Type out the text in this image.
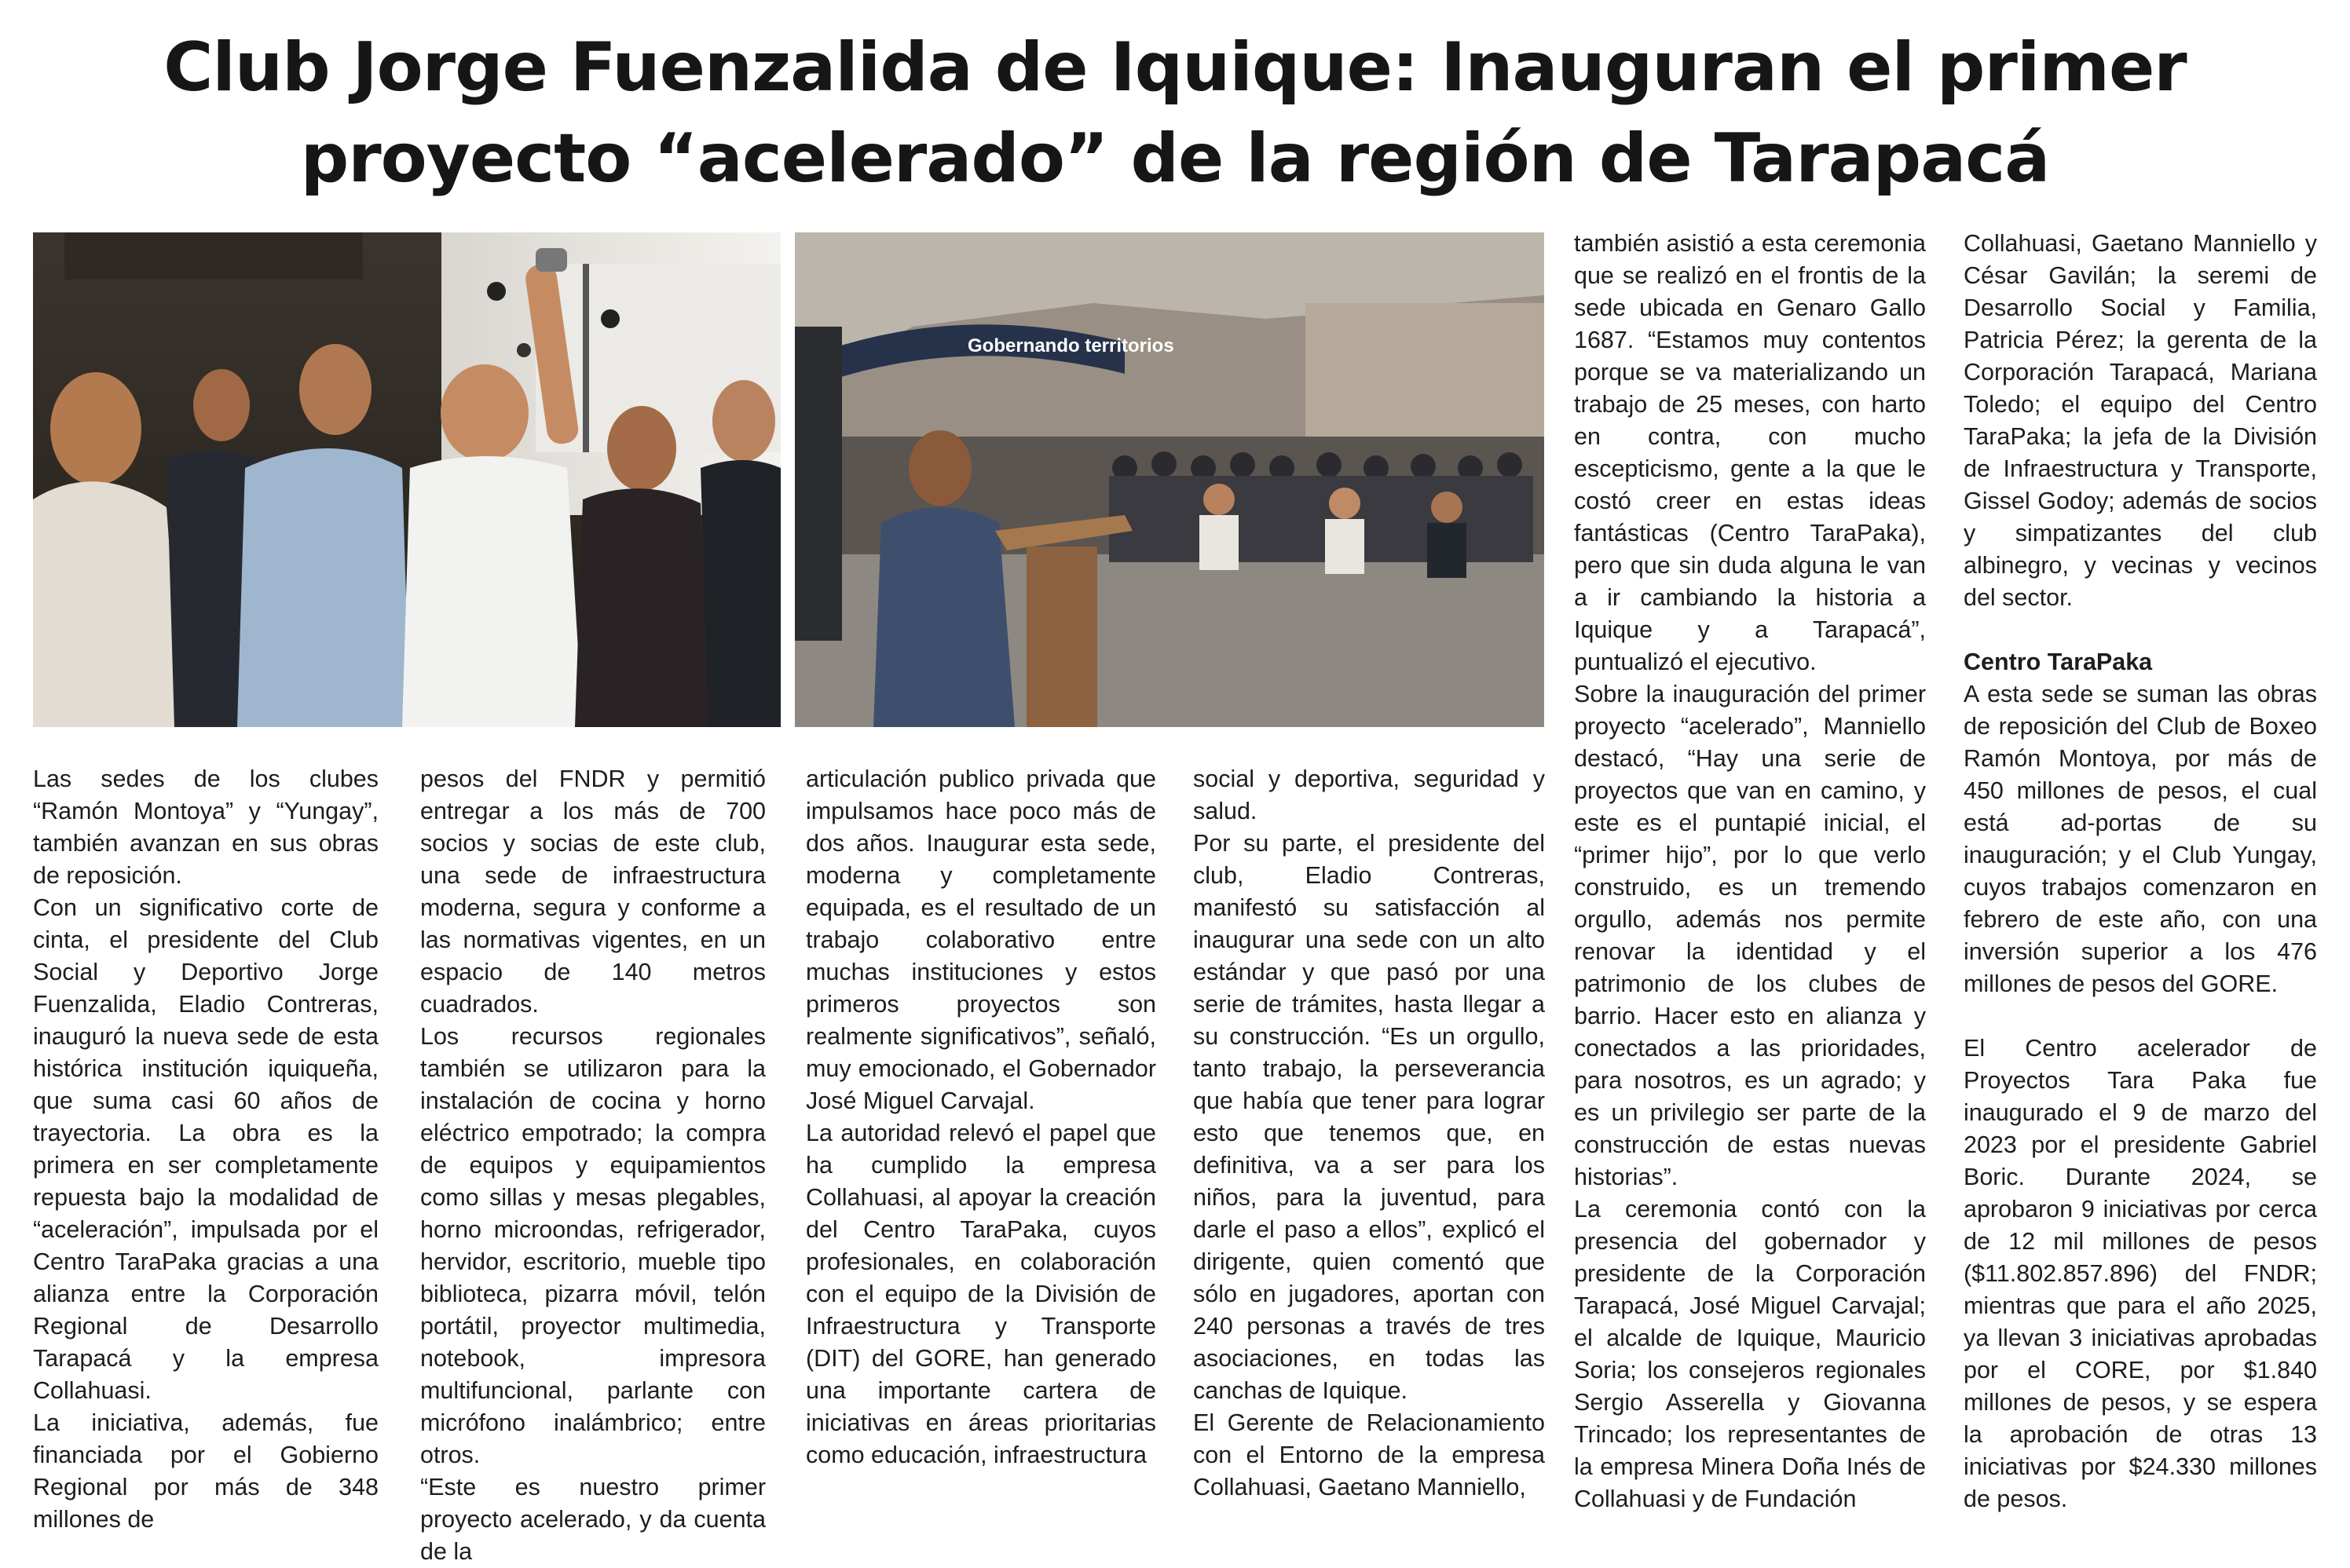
Club Jorge Fuenzalida de Iquique: Inauguran el primer
proyecto “acelerado” de la región de Tarapacá
Gobernando territorios

Las sedes de los clubes “Ramón Montoya” y “Yungay”, también avanzan en sus obras de reposición.

Con un significativo corte de cinta, el presidente del Club Social y Deportivo Jorge Fuenzalida, Eladio Contreras, inauguró la nueva sede de esta histórica institución iquiqueña, que suma casi 60 años de trayectoria. La obra es la primera en ser completamente repuesta bajo la modalidad de “aceleración”, impulsada por el Centro TaraPaka gracias a una alianza entre la Corporación Regional de Desarrollo Tarapacá y la empresa Collahuasi.

La iniciativa, además, fue financiada por el Gobierno Regional por más de 348 millones de

pesos del FNDR y permitió entregar a los más de 700 socios y socias de este club, una sede de infraestructura moderna, segura y conforme a las normativas vigentes, en un espacio de 140 metros cuadrados.

Los recursos regionales también se utilizaron para la instalación de cocina y horno eléctrico empotrado; la compra de equipos y equipamientos como sillas y mesas plegables, horno microondas, refrigerador, hervidor, escritorio, mueble tipo biblioteca, pizarra móvil, telón portátil, proyector multimedia, notebook, impresora multifuncional, parlante con micrófono inalámbrico; entre otros.

“Este es nuestro primer proyecto acelerado, y da cuenta de la

articulación publico privada que impulsamos hace poco más de dos años. Inaugurar esta sede, moderna y completamente equipada, es el resultado de un trabajo colaborativo entre muchas instituciones y estos primeros proyectos son realmente significativos”, señaló, muy emocionado, el Gobernador José Miguel Carvajal.

La autoridad relevó el papel que ha cumplido la empresa Collahuasi, al apoyar la creación del Centro TaraPaka, cuyos profesionales, en colaboración con el equipo de la División de Infraestructura y Transporte (DIT) del GORE, han generado una importante cartera de iniciativas en áreas prioritarias como educación, infraestructura

social y deportiva, seguridad y salud.

Por su parte, el presidente del club, Eladio Contreras, manifestó su satisfacción al inaugurar una sede con un alto estándar y que pasó por una serie de trámites, hasta llegar a su construcción. “Es un orgullo, tanto trabajo, la perseverancia que había que tener para lograr esto que tenemos que, en definitiva, va a ser para los niños, para la juventud, para darle el paso a ellos”, explicó el dirigente, quien comentó que sólo en jugadores, aportan con 240 personas a través de tres asociaciones, en todas las canchas de Iquique.

El Gerente de Relacionamiento con el Entorno de la empresa Collahuasi, Gaetano Manniello,

también asistió a esta ceremonia que se realizó en el frontis de la sede ubicada en Genaro Gallo 1687. “Estamos muy contentos porque se va materializando un trabajo de 25 meses, con harto en contra, con mucho escepticismo, gente a la que le costó creer en estas ideas fantásticas (Centro TaraPaka), pero que sin duda alguna le van a ir cambiando la historia a Iquique y a Tarapacá”, puntualizó el ejecutivo.

Sobre la inauguración del primer proyecto “acelerado”, Manniello destacó, “Hay una serie de proyectos que van en camino, y este es el puntapié inicial, el “primer hijo”, por lo que verlo construido, es un tremendo orgullo, además nos permite renovar la identidad y el patrimonio de los clubes de barrio. Hacer esto en alianza y conectados a las prioridades, para nosotros, es un agrado; y es un privilegio ser parte de la construcción de estas nuevas historias”.

La ceremonia contó con la presencia del gobernador y presidente de la Corporación Tarapacá, José Miguel Carvajal; el alcalde de Iquique, Mauricio Soria; los consejeros regionales Sergio Asserella y Giovanna Trincado; los representantes de la empresa Minera Doña Inés de Collahuasi y de Fundación

Collahuasi, Gaetano Manniello y César Gavilán; la seremi de Desarrollo Social y Familia, Patricia Pérez; la gerenta de la Corporación Tarapacá, Mariana Toledo; el equipo del Centro TaraPaka; la jefa de la División de Infraestructura y Transporte, Gissel Godoy; además de socios y simpatizantes del club albinegro, y vecinas y vecinos del sector.

Centro TaraPaka

A esta sede se suman las obras de reposición del Club de Boxeo Ramón Montoya, por más de 450 millones de pesos, el cual está ad-portas de su inauguración; y el Club Yungay, cuyos trabajos comenzaron en febrero de este año, con una inversión superior a los 476 millones de pesos del GORE.

El Centro acelerador de Proyectos Tara Paka fue inaugurado el 9 de marzo del 2023 por el presidente Gabriel Boric. Durante 2024, se aprobaron 9 iniciativas por cerca de 12 mil millones de pesos ($11.802.857.896) del FNDR; mientras que para el año 2025, ya llevan 3 iniciativas aprobadas por el CORE, por $1.840 millones de pesos, y se espera la aprobación de otras 13 iniciativas por $24.330 millones de pesos.
